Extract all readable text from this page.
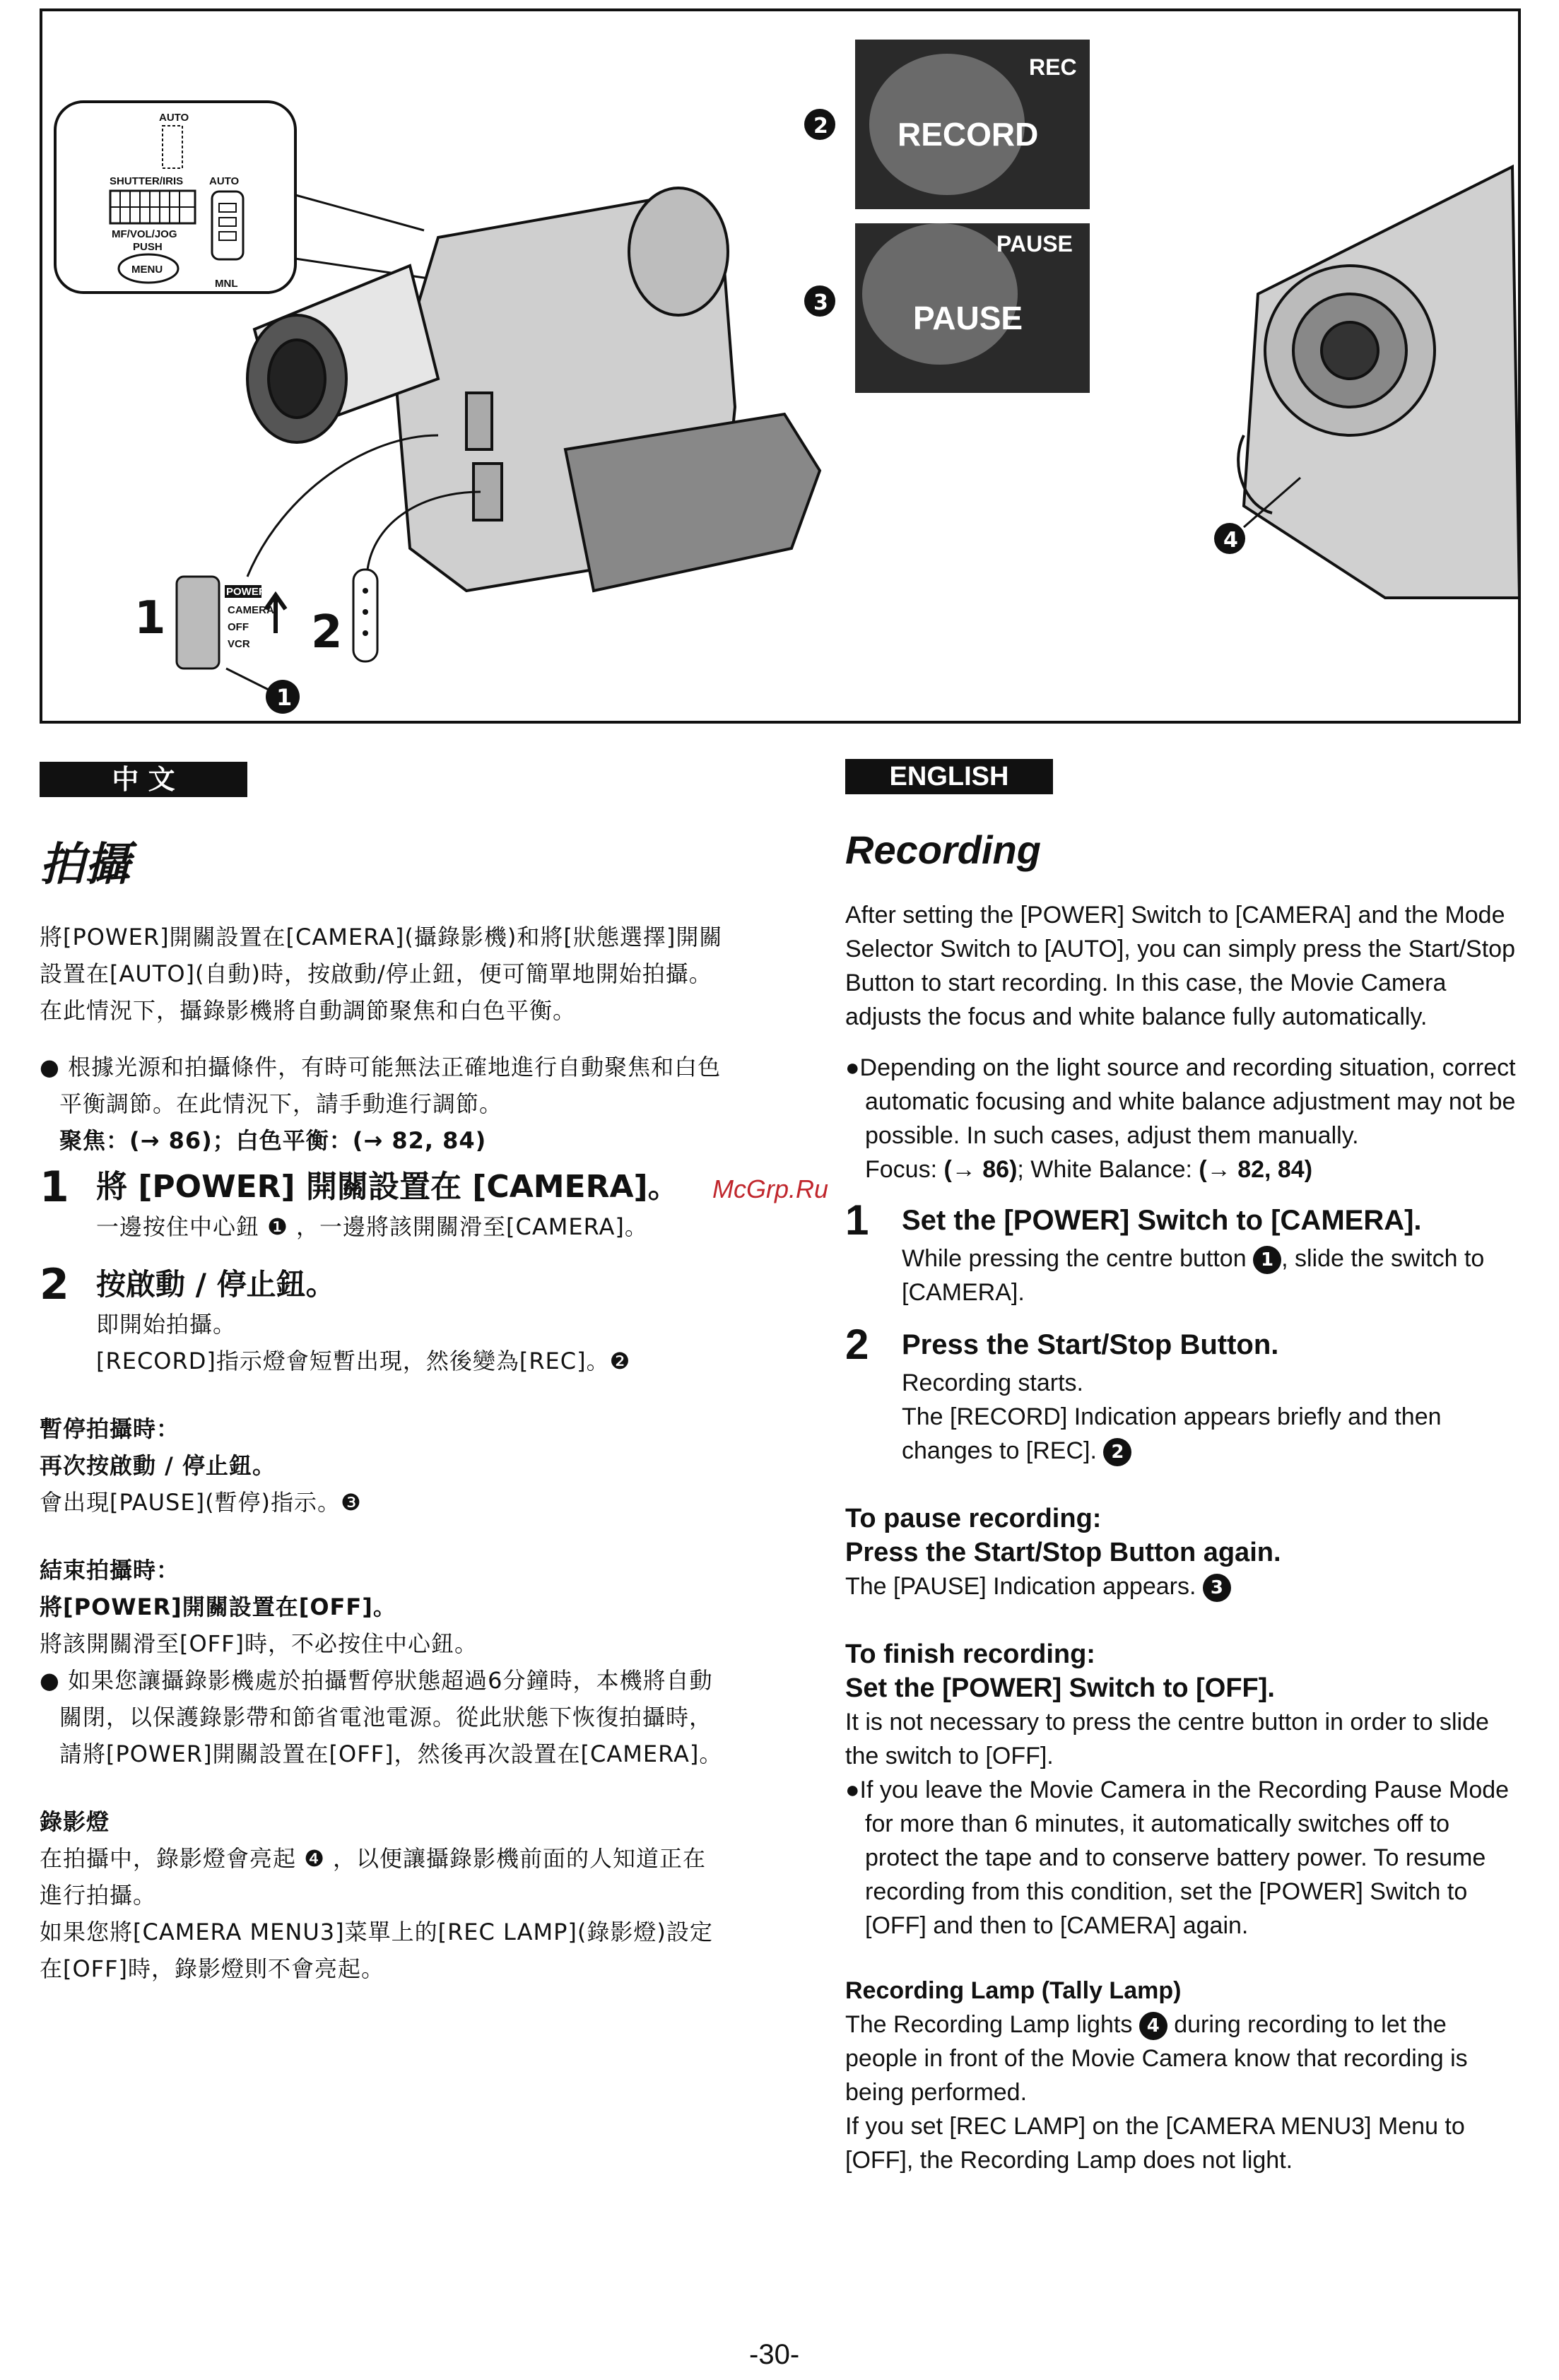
AUTO
SHUTTER/IRIS AUTO
MF/VOL/JOG
PUSH
MENU
MNL
1
POWER
CAMERA
OFF
VCR 2
1
2
REC
RECORD
3
PAUSE
PAUSE
4
中 文
拍攝
將[POWER]開關設置在[CAMERA](攝錄影機)和將[狀態選擇]開關設置在[AUTO](自動)時，按啟動/停止鈕，便可簡單地開始拍攝。在此情況下，攝錄影機將自動調節聚焦和白色平衡。
● 根據光源和拍攝條件，有時可能無法正確地進行自動聚焦和白色平衡調節。在此情況下，請手動進行調節。
聚焦：(→ 86)；白色平衡：(→ 82, 84)
1 將 [POWER] 開關設置在 [CAMERA]。
一邊按住中心鈕 ❶ ，一邊將該開關滑至[CAMERA]。
2 按啟動 / 停止鈕。
即開始拍攝。
[RECORD]指示燈會短暫出現，然後變為[REC]。❷
暫停拍攝時：
再次按啟動 / 停止鈕。
會出現[PAUSE](暫停)指示。❸
結束拍攝時：
將[POWER]開關設置在[OFF]。
將該開關滑至[OFF]時，不必按住中心鈕。
● 如果您讓攝錄影機處於拍攝暫停狀態超過6分鐘時，本機將自動關閉，以保護錄影帶和節省電池電源。從此狀態下恢復拍攝時，請將[POWER]開關設置在[OFF]，然後再次設置在[CAMERA]。
錄影燈
在拍攝中，錄影燈會亮起 ❹ ，以便讓攝錄影機前面的人知道正在進行拍攝。
如果您將[CAMERA MENU3]菜單上的[REC LAMP](錄影燈)設定在[OFF]時，錄影燈則不會亮起。
McGrp.Ru
ENGLISH
Recording
After setting the [POWER] Switch to [CAMERA] and the Mode Selector Switch to [AUTO], you can simply press the Start/Stop Button to start recording. In this case, the Movie Camera adjusts the focus and white balance fully automatically.
●Depending on the light source and recording situation, correct automatic focusing and white balance adjustment may not be possible. In such cases, adjust them manually.
Focus: (→ 86); White Balance: (→ 82, 84)
1	Set the [POWER] Switch to [CAMERA].
While pressing the centre button 1 , slide the switch to [CAMERA].
2	Press the Start/Stop Button.
Recording starts.
The [RECORD] Indication appears briefly and then changes to [REC]. 2
To pause recording:
Press the Start/Stop Button again.
The [PAUSE] Indication appears. 3
To finish recording:
Set the [POWER] Switch to [OFF].
It is not necessary to press the centre button in order to slide the switch to [OFF].
●If you leave the Movie Camera in the Recording Pause Mode for more than 6 minutes, it automatically switches off to protect the tape and to conserve battery power. To resume recording from this condition, set the [POWER] Switch to [OFF] and then to [CAMERA] again.
Recording Lamp (Tally Lamp)
The Recording Lamp lights 4 during recording to let the people in front of the Movie Camera know that recording is being performed.
If you set [REC LAMP] on the [CAMERA MENU3] Menu to [OFF], the Recording Lamp does not light.
-30-
